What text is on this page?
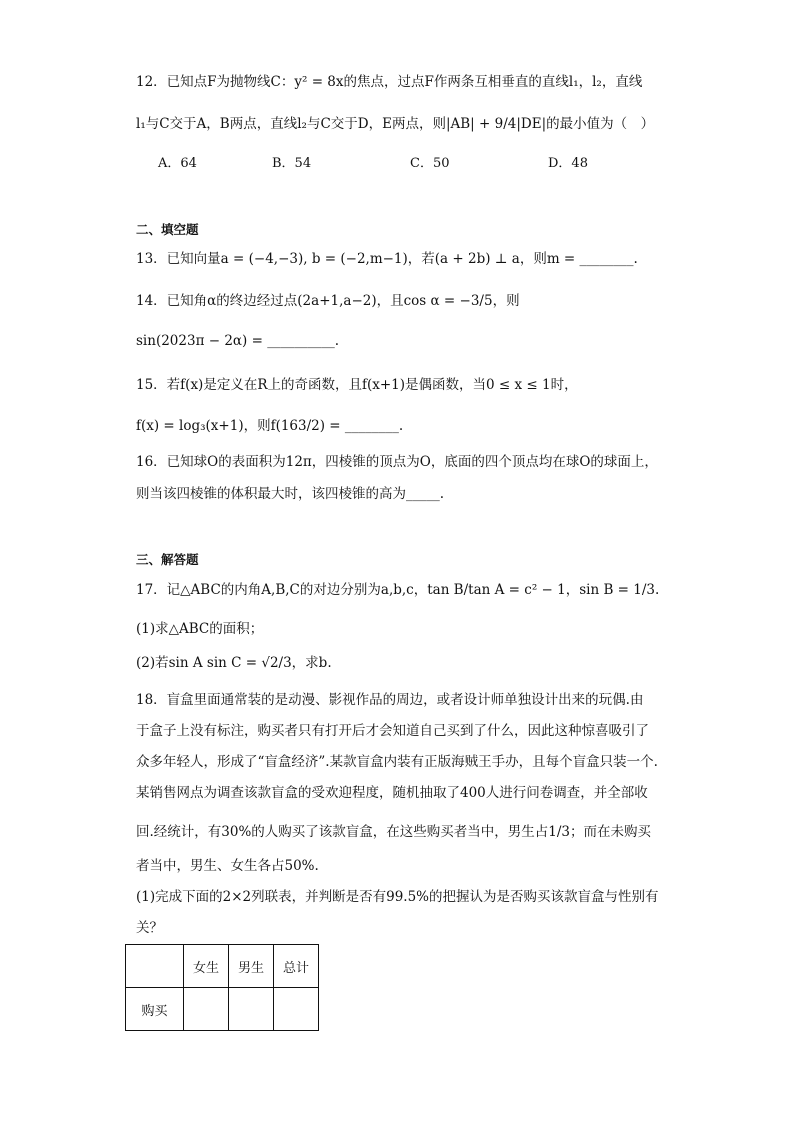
12．已知点F为抛物线C：y² = 8x的焦点，过点F作两条互相垂直的直线l₁，l₂，直线
l₁与C交于A，B两点，直线l₂与C交于D，E两点，则|AB| + 9/4|DE|的最小值为（　）
A．64	B．54	C．50	D．48
二、填空题
13．已知向量a = (−4,−3), b = (−2,m−1)，若(a + 2b) ⊥ a，则m = ________.
14．已知角α的终边经过点(2a+1,a−2)，且cos α = −3/5，则
sin(2023π − 2α) = __________.
15．若f(x)是定义在R上的奇函数，且f(x+1)是偶函数，当0 ≤ x ≤ 1时，
f(x) = log₃(x+1)，则f(163/2) = ________.
16．已知球O的表面积为12π，四棱锥的顶点为O，底面的四个顶点均在球O的球面上，
则当该四棱锥的体积最大时，该四棱锥的高为_____.
三、解答题
17．记△ABC的内角A,B,C的对边分别为a,b,c，tan B/tan A = c² − 1，sin B = 1/3.
(1)求△ABC的面积；
(2)若sin A sin C = √2/3，求b.
18．盲盒里面通常装的是动漫、影视作品的周边，或者设计师单独设计出来的玩偶.由
于盒子上没有标注，购买者只有打开后才会知道自己买到了什么，因此这种惊喜吸引了
众多年轻人，形成了“盲盒经济”.某款盲盒内装有正版海贼王手办，且每个盲盒只装一个.
某销售网点为调查该款盲盒的受欢迎程度，随机抽取了400人进行问卷调查，并全部收
回.经统计，有30%的人购买了该款盲盒，在这些购买者当中，男生占1/3；而在未购买
者当中，男生、女生各占50%.
(1)完成下面的2×2列联表，并判断是否有99.5%的把握认为是否购买该款盲盒与性别有
关？
	女生	男生	总计
购买			
